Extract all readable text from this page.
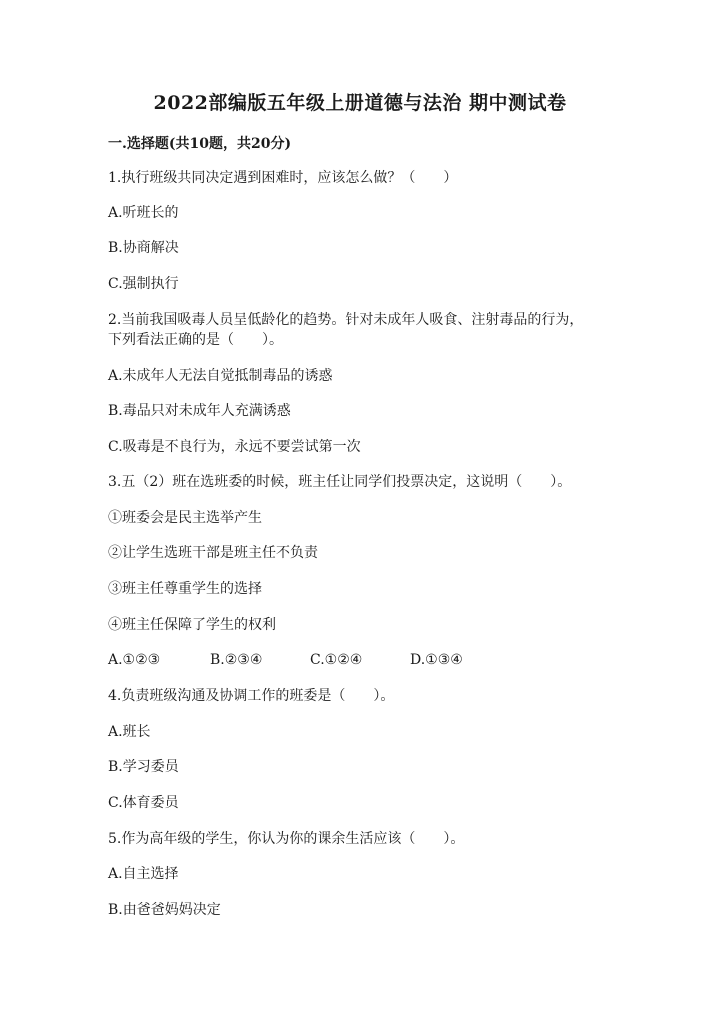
2022部编版五年级上册道德与法治 期中测试卷
一.选择题(共10题，共20分)
1.执行班级共同决定遇到困难时，应该怎么做？（　　）
A.听班长的
B.协商解决
C.强制执行
2.当前我国吸毒人员呈低龄化的趋势。针对未成年人吸食、注射毒品的行为，
下列看法正确的是（　　）。
A.未成年人无法自觉抵制毒品的诱惑
B.毒品只对未成年人充满诱惑
C.吸毒是不良行为，永远不要尝试第一次
3.五（2）班在选班委的时候，班主任让同学们投票决定，这说明（　　）。
①班委会是民主选举产生
②让学生选班干部是班主任不负责
③班主任尊重学生的选择
④班主任保障了学生的权利
A.①②③	B.②③④	C.①②④	D.①③④
4.负责班级沟通及协调工作的班委是（　　）。
A.班长
B.学习委员
C.体育委员
5.作为高年级的学生，你认为你的课余生活应该（　　）。
A.自主选择
B.由爸爸妈妈决定
